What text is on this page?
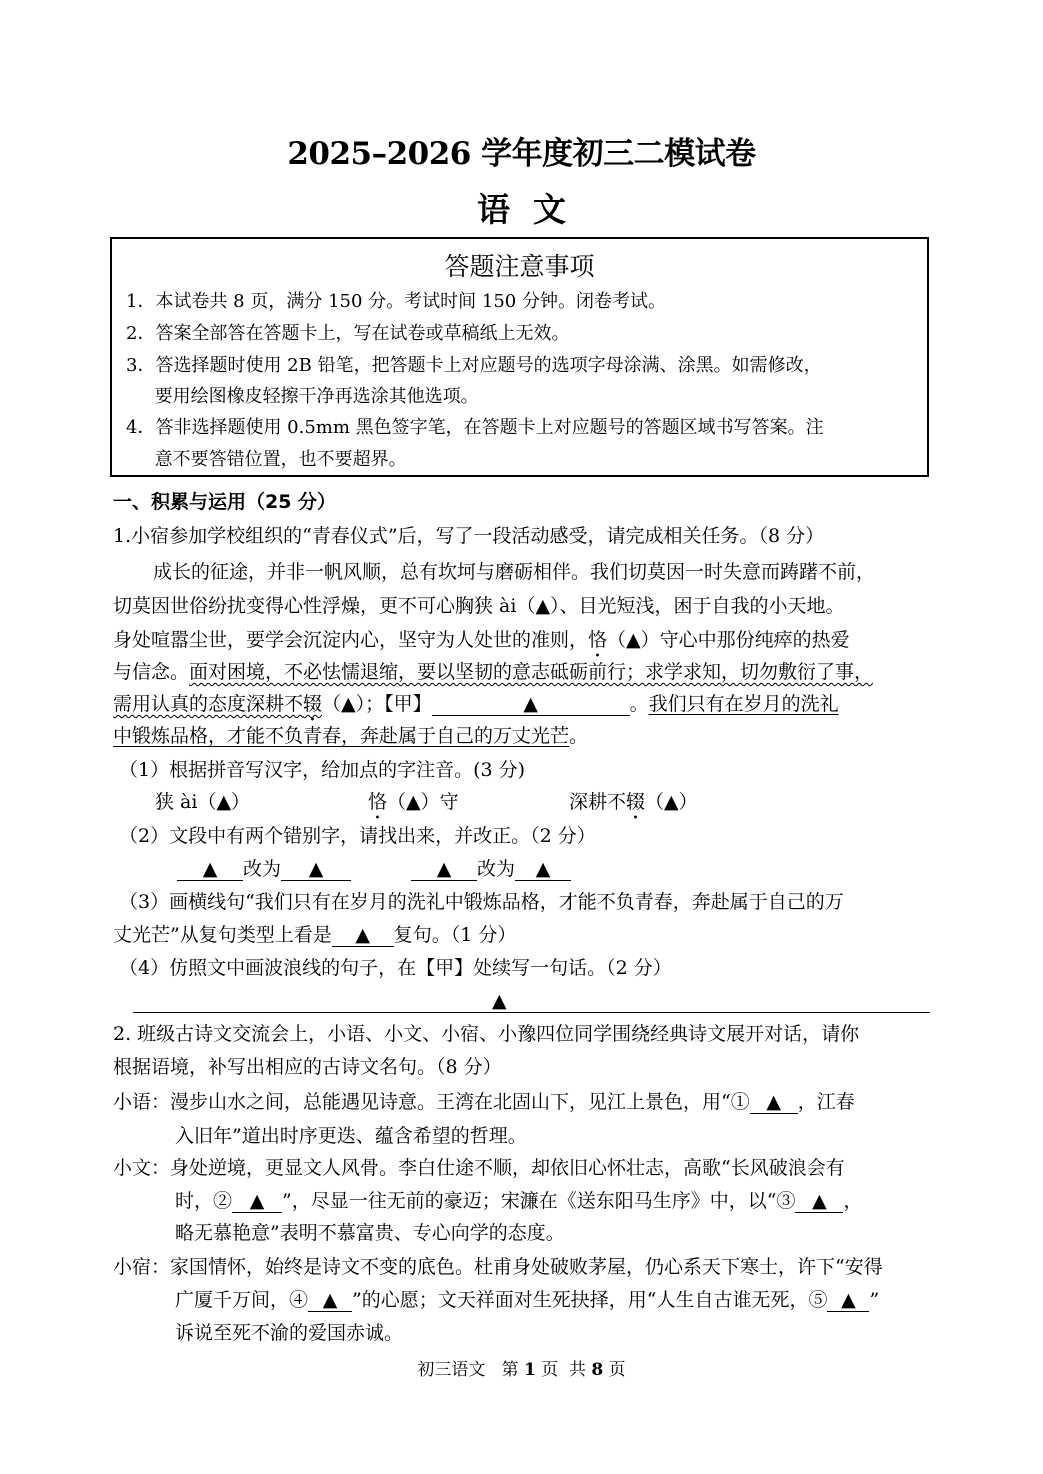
2025–2026 学年度初三二模试卷
语  文
答题注意事项
1．本试卷共 8 页，满分 150 分。考试时间 150 分钟。闭卷考试。
2．答案全部答在答题卡上，写在试卷或草稿纸上无效。
3．答选择题时使用 2B 铅笔，把答题卡上对应题号的选项字母涂满、涂黑。如需修改，
要用绘图橡皮轻擦干净再选涂其他选项。
4．答非选择题使用 0.5mm 黑色签字笔，在答题卡上对应题号的答题区域书写答案。注
意不要答错位置，也不要超界。
一、积累与运用（25 分）
1.小宿参加学校组织的“青春仪式”后，写了一段活动感受，请完成相关任务。（8 分）
成长的征途，并非一帆风顺，总有坎坷与磨砺相伴。我们切莫因一时失意而踌躇不前，
切莫因世俗纷扰变得心性浮燥，更不可心胸狭 ài（▲）、目光短浅，困于自我的小天地。
身处喧嚣尘世，要学会沉淀内心，坚守为人处世的准则，恪（▲）守心中那份纯瘁的热爱
与信念。面对困境，不必怯懦退缩，要以坚韧的意志砥砺前行；求学求知，切勿敷衍了事，
需用认真的态度深耕不辍（▲）；【甲】	▲	。我们只有在岁月的洗礼
中锻炼品格，才能不负青春，奔赴属于自己的万丈光芒。
（1）根据拼音写汉字，给加点的字注音。(3 分)
狭 ài（▲）	恪（▲）守	深耕不辍（▲）
（2）文段中有两个错别字，请找出来，并改正。（2 分）
▲ 改为 ▲	▲ 改为 ▲
（3）画横线句“我们只有在岁月的洗礼中锻炼品格，才能不负青春，奔赴属于自己的万
丈光芒”从复句类型上看是 ▲ 复句。（1 分）
（4）仿照文中画波浪线的句子，在【甲】处续写一句话。（2 分）
▲
2. 班级古诗文交流会上，小语、小文、小宿、小豫四位同学围绕经典诗文展开对话，请你
根据语境，补写出相应的古诗文名句。（8 分）
小语：漫步山水之间，总能遇见诗意。王湾在北固山下，见江上景色，用“① ▲ ，江春
入旧年”道出时序更迭、蕴含希望的哲理。
小文：身处逆境，更显文人风骨。李白仕途不顺，却依旧心怀壮志，高歌“长风破浪会有
时，② ▲ ”，尽显一往无前的豪迈；宋濂在《送东阳马生序》中，以“③ ▲ ，
略无慕艳意”表明不慕富贵、专心向学的态度。
小宿：家国情怀，始终是诗文不变的底色。杜甫身处破败茅屋，仍心系天下寒士，许下“安得
广厦千万间，④ ▲ ”的心愿；文天祥面对生死抉择，用“人生自古谁无死，⑤ ▲ ”
诉说至死不渝的爱国赤诚。
初三语文   第 1 页  共 8 页
